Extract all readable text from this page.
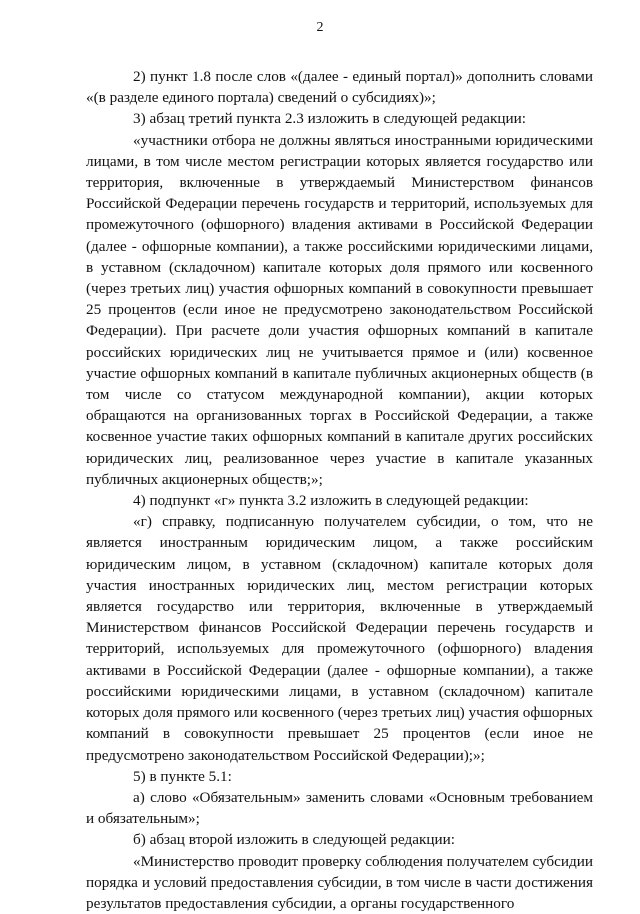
2

2) пункт 1.8 после слов «(далее - единый портал)» дополнить словами «(в разделе единого портала) сведений о субсидиях)»;

3) абзац третий пункта 2.3 изложить в следующей редакции:

«участники отбора не должны являться иностранными юридическими лицами, в том числе местом регистрации которых является государство или территория, включенные в утверждаемый Министерством финансов Российской Федерации перечень государств и территорий, используемых для промежуточного (офшорного) владения активами в Российской Федерации (далее - офшорные компании), а также российскими юридическими лицами, в уставном (складочном) капитале которых доля прямого или косвенного (через третьих лиц) участия офшорных компаний в совокупности превышает 25 процентов (если иное не предусмотрено законодательством Российской Федерации). При расчете доли участия офшорных компаний в капитале российских юридических лиц не учитывается прямое и (или) косвенное участие офшорных компаний в капитале публичных акционерных обществ (в том числе со статусом международной компании), акции которых обращаются на организованных торгах в Российской Федерации, а также косвенное участие таких офшорных компаний в капитале других российских юридических лиц, реализованное через участие в капитале указанных публичных акционерных обществ;»;

4) подпункт «г» пункта 3.2 изложить в следующей редакции:

«г) справку, подписанную получателем субсидии, о том, что не является иностранным юридическим лицом, а также российским юридическим лицом, в уставном (складочном) капитале которых доля участия иностранных юридических лиц, местом регистрации которых является государство или территория, включенные в утверждаемый Министерством финансов Российской Федерации перечень государств и территорий, используемых для промежуточного (офшорного) владения активами в Российской Федерации (далее - офшорные компании), а также российскими юридическими лицами, в уставном (складочном) капитале которых доля прямого или косвенного (через третьих лиц) участия офшорных компаний в совокупности превышает 25 процентов (если иное не предусмотрено законодательством Российской Федерации);»;

5) в пункте 5.1:

а) слово «Обязательным» заменить словами «Основным требованием и обязательным»;

б) абзац второй изложить в следующей редакции:

«Министерство проводит проверку соблюдения получателем субсидии порядка и условий предоставления субсидии, в том числе в части достижения результатов предоставления субсидии, а органы государственного
